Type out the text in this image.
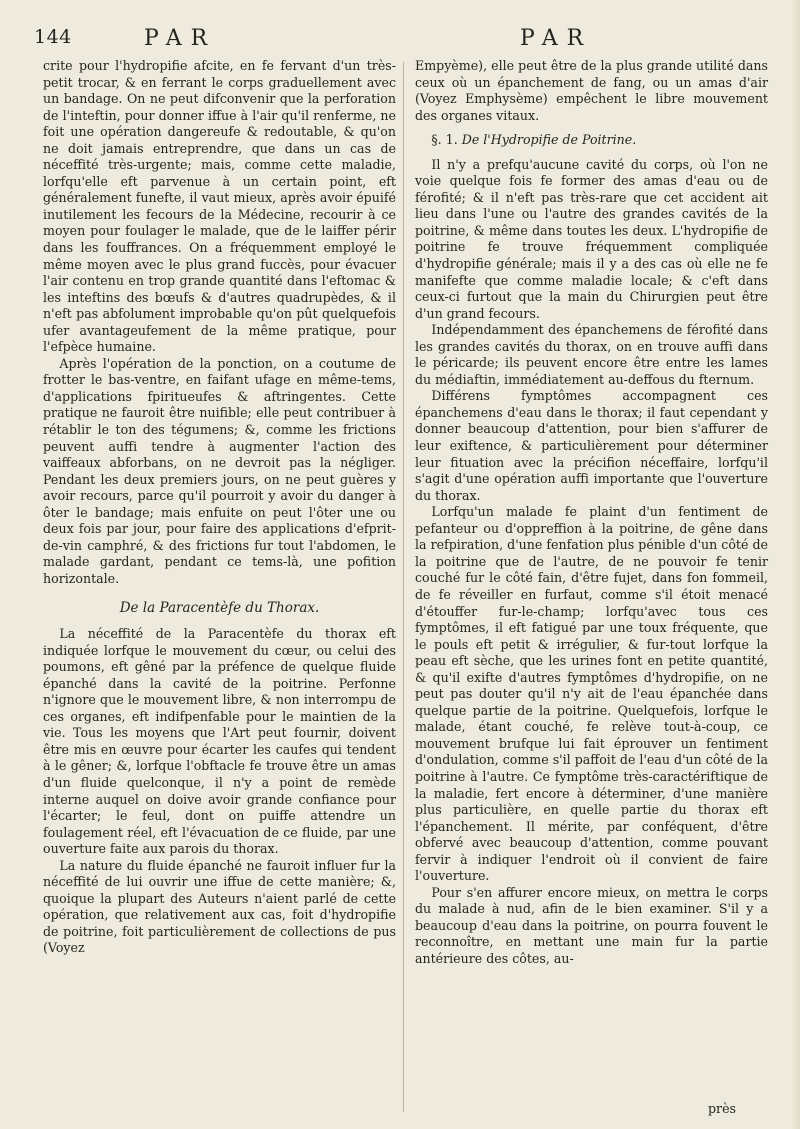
144	PAR	PAR

crite pour l'hydropifie afcite, en fe fervant d'un très-petit trocar, & en ferrant le corps graduellement avec un bandage. On ne peut difconvenir que la perforation de l'inteftin, pour donner iffue à l'air qu'il renferme, ne foit une opération dangereufe & redoutable, & qu'on ne doit jamais entreprendre, que dans un cas de néceffité très-urgente; mais, comme cette maladie, lorfqu'elle eft parvenue à un certain point, eft généralement funefte, il vaut mieux, après avoir épuifé inutilement les fecours de la Médecine, recourir à ce moyen pour foulager le malade, que de le laiffer périr dans les fouffrances. On a fréquemment employé le même moyen avec le plus grand fuccès, pour évacuer l'air contenu en trop grande quantité dans l'eftomac & les inteftins des bœufs & d'autres quadrupèdes, & il n'eft pas abfolument improbable qu'on pût quelquefois ufer avantageufement de la même pratique, pour l'efpèce humaine.

Après l'opération de la ponction, on a coutume de frotter le bas-ventre, en faifant ufage en même-tems, d'applications fpiritueufes & aftringentes. Cette pratique ne fauroit être nuifible; elle peut contribuer à rétablir le ton des tégumens; &, comme les frictions peuvent auffi tendre à augmenter l'action des vaiffeaux abforbans, on ne devroit pas la négliger. Pendant les deux premiers jours, on ne peut guères y avoir recours, parce qu'il pourroit y avoir du danger à ôter le bandage; mais enfuite on peut l'ôter une ou deux fois par jour, pour faire des applications d'efprit-de-vin camphré, & des frictions fur tout l'abdomen, le malade gardant, pendant ce tems-là, une pofition horizontale.

De la Paracentèfe du Thorax.

La néceffité de la Paracentèfe du thorax eft indiquée lorfque le mouvement du cœur, ou celui des poumons, eft gêné par la préfence de quelque fluide épanché dans la cavité de la poitrine. Perfonne n'ignore que le mouvement libre, & non interrompu de ces organes, eft indifpenfable pour le maintien de la vie. Tous les moyens que l'Art peut fournir, doivent être mis en œuvre pour écarter les caufes qui tendent à le gêner; &, lorfque l'obftacle fe trouve être un amas d'un fluide quelconque, il n'y a point de remède interne auquel on doive avoir grande confiance pour l'écarter; le feul, dont on puiffe attendre un foulagement réel, eft l'évacuation de ce fluide, par une ouverture faite aux parois du thorax.

La nature du fluide épanché ne fauroit influer fur la néceffité de lui ouvrir une iffue de cette manière; &, quoique la plupart des Auteurs n'aient parlé de cette opération, que relativement aux cas, foit d'hydropifie de poitrine, foit particulièrement de collections de pus (Voyez

Empyème), elle peut être de la plus grande utilité dans ceux où un épanchement de fang, ou un amas d'air (Voyez Emphysème) empêchent le libre mouvement des organes vitaux.

§. 1. De l'Hydropifie de Poitrine.

Il n'y a prefqu'aucune cavité du corps, où l'on ne voie quelque fois fe former des amas d'eau ou de férofité; & il n'eft pas très-rare que cet accident ait lieu dans l'une ou l'autre des grandes cavités de la poitrine, & même dans toutes les deux. L'hydropifie de poitrine fe trouve fréquemment compliquée d'hydropifie générale; mais il y a des cas où elle ne fe manifefte que comme maladie locale; & c'eft dans ceux-ci furtout que la main du Chirurgien peut être d'un grand fecours.

Indépendamment des épanchemens de férofité dans les grandes cavités du thorax, on en trouve auffi dans le péricarde; ils peuvent encore être entre les lames du médiaftin, immédiatement au-deffous du fternum.

Différens fymptômes accompagnent ces épanchemens d'eau dans le thorax; il faut cependant y donner beaucoup d'attention, pour bien s'affurer de leur exiftence, & particulièrement pour déterminer leur fituation avec la précifion néceffaire, lorfqu'il s'agit d'une opération auffi importante que l'ouverture du thorax.

Lorfqu'un malade fe plaint d'un fentiment de pefanteur ou d'oppreffion à la poitrine, de gêne dans la refpiration, d'une fenfation plus pénible d'un côté de la poitrine que de l'autre, de ne pouvoir fe tenir couché fur le côté fain, d'être fujet, dans fon fommeil, de fe réveiller en furfaut, comme s'il étoit menacé d'étouffer fur-le-champ; lorfqu'avec tous ces fymptômes, il eft fatigué par une toux fréquente, que le pouls eft petit & irrégulier, & fur-tout lorfque la peau eft sèche, que les urines font en petite quantité, & qu'il exifte d'autres fymptômes d'hydropifie, on ne peut pas douter qu'il n'y ait de l'eau épanchée dans quelque partie de la poitrine. Quelquefois, lorfque le malade, étant couché, fe relève tout-à-coup, ce mouvement brufque lui fait éprouver un fentiment d'ondulation, comme s'il paffoit de l'eau d'un côté de la poitrine à l'autre. Ce fymptôme très-caractériftique de la maladie, fert encore à déterminer, d'une manière plus particulière, en quelle partie du thorax eft l'épanchement. Il mérite, par conféquent, d'être obfervé avec beaucoup d'attention, comme pouvant fervir à indiquer l'endroit où il convient de faire l'ouverture.

Pour s'en affurer encore mieux, on mettra le corps du malade à nud, afin de le bien examiner. S'il y a beaucoup d'eau dans la poitrine, on pourra fouvent le reconnoître, en mettant une main fur la partie antérieure des côtes, au-

près
